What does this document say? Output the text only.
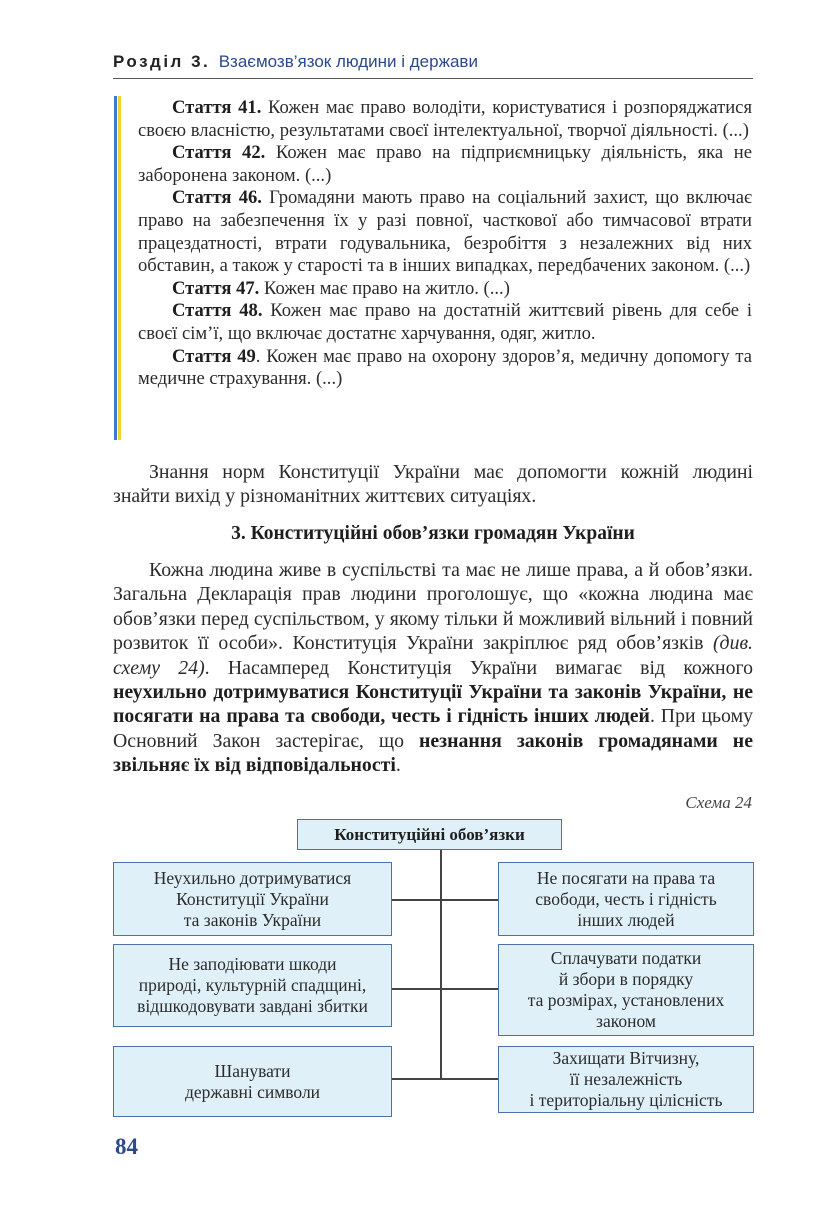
Розділ 3. Взаємозв’язок людини і держави

Стаття 41. Кожен має право володіти, користуватися і розпоряджатися своєю власністю, результатами своєї інтелектуальної, творчої діяльності. (...)

Стаття 42. Кожен має право на підприємницьку діяльність, яка не заборонена законом. (...)

Стаття 46. Громадяни мають право на соціальний захист, що включає право на забезпечення їх у разі повної, часткової або тимчасової втрати працездатності, втрати годувальника, безробіття з незалежних від них обставин, а також у старості та в інших випадках, передбачених законом. (...)

Стаття 47. Кожен має право на житло. (...)

Стаття 48. Кожен має право на достатній життєвий рівень для себе і своєї сім’ї, що включає достатнє харчування, одяг, житло.

Стаття 49. Кожен має право на охорону здоров’я, медичну допомогу та медичне страхування. (...)

Знання норм Конституції України має допомогти кожній людині знайти вихід у різноманітних життєвих ситуаціях.

3. Конституційні обов’язки громадян України

Кожна людина живе в суспільстві та має не лише права, а й обов’язки. Загальна Декларація прав людини проголошує, що «кожна людина має обов’язки перед суспільством, у якому тільки й можливий вільний і повний розвиток її особи». Конституція України закріплює ряд обов’язків (див. схему 24). Насамперед Конституція України вимагає від кожного неухильно дотримуватися Конституції України та законів України, не посягати на права та свободи, честь і гідність інших людей. При цьому Основний Закон застерігає, що незнання законів громадянами не звільняє їх від відповідальності.

Схема 24
Конституційні обов’язки
Неухильно дотримуватися
Конституції України
та законів України
Не заподіювати шкоди
природі, культурній спадщині,
відшкодовувати завдані збитки
Шанувати
державні символи
Не посягати на права та
свободи, честь і гідність
інших людей
Сплачувати податки
й збори в порядку
та розмірах, установлених
законом
Захищати Вітчизну,
її незалежність
і територіальну цілісність
84
